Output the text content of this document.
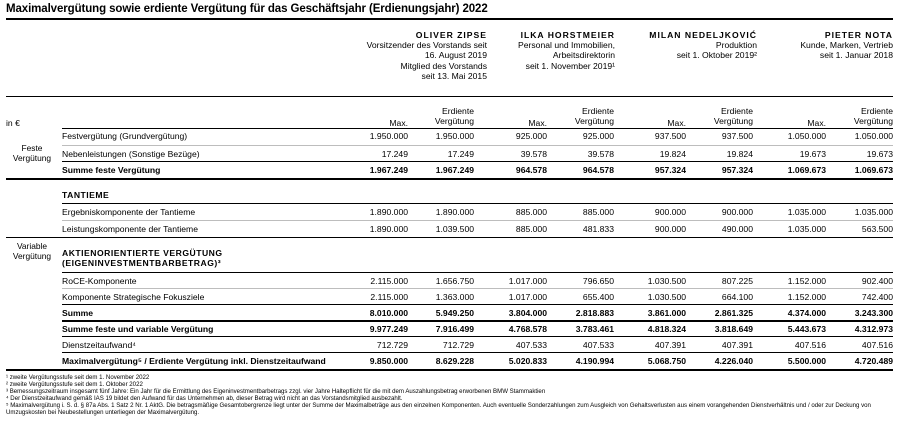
Maximalvergütung sowie erdiente Vergütung für das Geschäftsjahr (Erdienungsjahr) 2022
OLIVER ZIPSE
Vorsitzender des Vorstands seit
16. August 2019
Mitglied des Vorstands
seit 13. Mai 2015
ILKA HORSTMEIER
Personal und Immobilien,
Arbeitsdirektorin
seit 1. November 2019¹
MILAN NEDELJKOVIĆ
Produktion
seit 1. Oktober 2019²
PIETER NOTA
Kunde, Marken, Vertrieb
seit 1. Januar 2018
Max.
Erdiente
Vergütung	Max.
Erdiente
Vergütung	Max.
Erdiente
Vergütung	Max.
Erdiente
Vergütung
in €
Feste
Vergütung
Variable
Vergütung
TANTIEME
AKTIENORIENTIERTE VERGÜTUNG
(EIGENINVESTMENTBARBETRAG)³
Festvergütung (Grundvergütung)	1.950.000	1.950.000	925.000	925.000	937.500	937.500	1.050.000	1.050.000
Nebenleistungen (Sonstige Bezüge)	17.249	17.249	39.578	39.578	19.824	19.824	19.673	19.673
Summe feste Vergütung	1.967.249	1.967.249	964.578	964.578	957.324	957.324	1.069.673	1.069.673
Ergebniskomponente der Tantieme	1.890.000	1.890.000	885.000	885.000	900.000	900.000	1.035.000	1.035.000
Leistungskomponente der Tantieme	1.890.000	1.039.500	885.000	481.833	900.000	490.000	1.035.000	563.500
RoCE-Komponente	2.115.000	1.656.750	1.017.000	796.650	1.030.500	807.225	1.152.000	902.400
Komponente Strategische Fokusziele	2.115.000	1.363.000	1.017.000	655.400	1.030.500	664.100	1.152.000	742.400
Summe	8.010.000	5.949.250	3.804.000	2.818.883	3.861.000	2.861.325	4.374.000	3.243.300
Summe feste und variable Vergütung	9.977.249	7.916.499	4.768.578	3.783.461	4.818.324	3.818.649	5.443.673	4.312.973
Dienstzeitaufwand⁴	712.729	712.729	407.533	407.533	407.391	407.391	407.516	407.516
Maximalvergütung⁵ / Erdiente Vergütung inkl. Dienstzeitaufwand	9.850.000	8.629.228	5.020.833	4.190.994	5.068.750	4.226.040	5.500.000	4.720.489
¹ zweite Vergütungsstufe seit dem 1. November 2022
² zweite Vergütungsstufe seit dem 1. Oktober 2022
³ Bemessungszeitraum insgesamt fünf Jahre: Ein Jahr für die Ermittlung des Eigeninvestmentbarbetrags zzgl. vier Jahre Haltepflicht für die mit dem Auszahlungsbetrag erworbenen BMW Stammaktien
⁴ Der Dienstzeitaufwand gemäß IAS 19 bildet den Aufwand für das Unternehmen ab, dieser Betrag wird nicht an das Vorstandsmitglied ausbezahlt.
⁵ Maximalvergütung i. S. d. § 87a Abs. 1 Satz 2 Nr. 1 AktG. Die betragsmäßige Gesamtobergrenze liegt unter der Summe der Maximalbeträge aus den einzelnen Komponenten. Auch eventuelle Sonderzahlungen zum Ausgleich von Gehaltsverlusten aus einem vorangehenden Dienstverhältnis und / oder zur Deckung von
Umzugskosten bei Neubestellungen unterliegen der Maximalvergütung.
